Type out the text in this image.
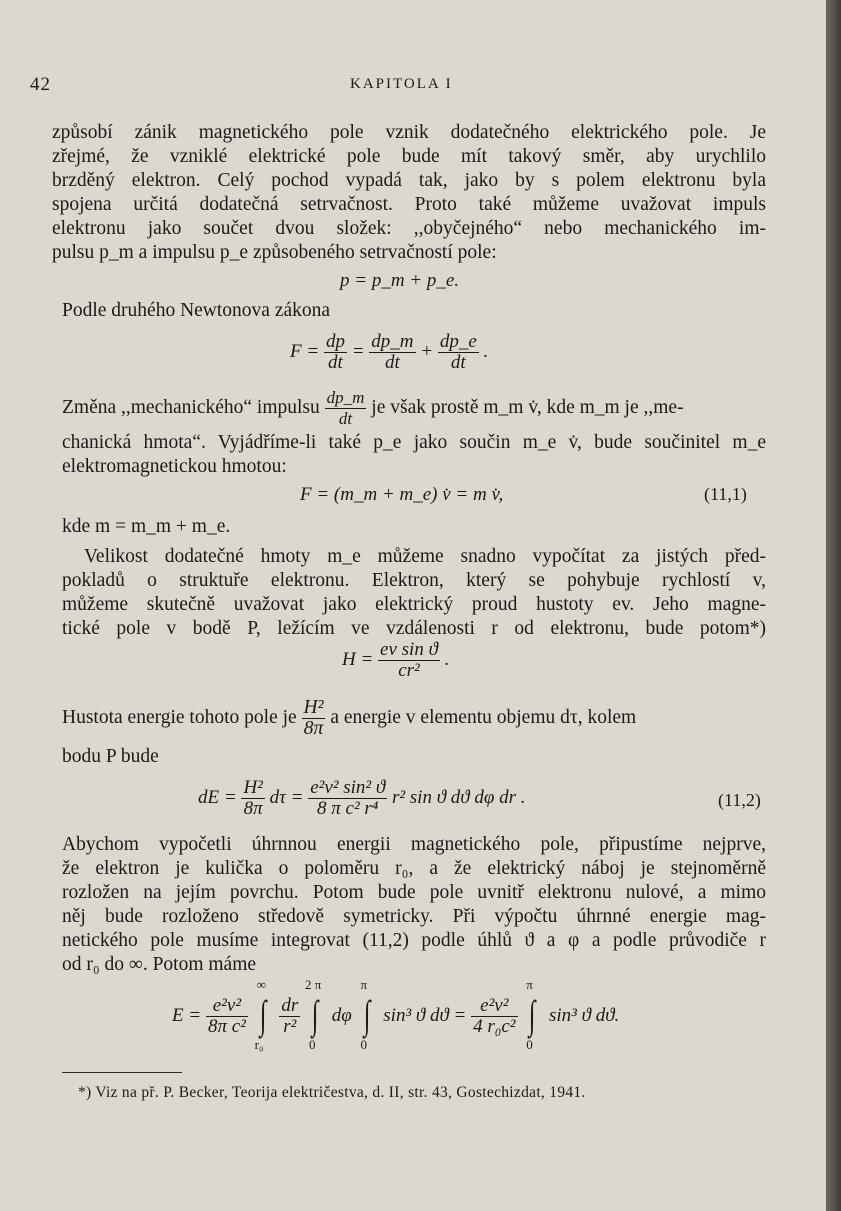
42	KAPITOLA I
způsobí zánik magnetického pole vznik dodatečného elektrického pole. Je
zřejmé, že vzniklé elektrické pole bude mít takový směr, aby urychlilo
brzděný elektron. Celý pochod vypadá tak, jako by s polem elektronu byla
spojena určitá dodatečná setrvačnost. Proto také můžeme uvažovat impuls
elektronu jako součet dvou složek: ,,obyčejného“ nebo mechanického im-
pulsu p_m a impulsu p_e způsobeného setrvačností pole:
p = p_m + p_e.
Podle druhého Newtonova zákona
$F = \frac{dp}{dt} = \frac{dp\_m}{dt} + \frac{dp\_e}{dt}$ .
Změna ,,mechanického“ impulsu $\frac{dp\_m}{dt}$ je však prostě m_m v̇, kde m_m je ,,me-
chanická hmota“. Vyjádříme-li také p_e jako součin m_e v̇, bude součinitel m_e
elektromagnetickou hmotou:
F = (m_m + m_e) v̇ = m v̇,	(11,1)
kde m = m_m + m_e.
Velikost dodatečné hmoty m_e můžeme snadno vypočítat za jistých před-
pokladů o struktuře elektronu. Elektron, který se pohybuje rychlostí v,
můžeme skutečně uvažovat jako elektrický proud hustoty ev. Jeho magne-
tické pole v bodě P, ležícím ve vzdálenosti r od elektronu, bude potom*)
$H = \frac{\text{ev sin ϑ}}{\text{cr²}}$ .
Hustota energie tohoto pole je $\frac{\text{H²}}{8\pi}$ a energie v elementu objemu dτ, kolem
bodu P bude
dE = $\frac{\text{H²}}{8\pi}$ $d\tau = \frac{\text{e²v² sin² ϑ}}{\text{8 π c² r⁴}} r^2$ sin ϑ dϑ dφ dr .	(11,2)
Abychom vypočetli úhrnnou energii magnetického pole, připustíme nejprve,
že elektron je kulička o poloměru r₀, a že elektrický náboj je stejnoměrně
rozložen na jejím povrchu. Potom bude pole uvnitř elektronu nulové, a mimo
něj bude rozloženo středově symetricky. Při výpočtu úhrnné energie mag-
netického pole musíme integrovat (11,2) podle úhlů ϑ a φ a podle průvodiče r
od r₀ do ∞. Potom máme
$E = \frac{\text{e²v²}}{\text{8π c²}}$
∫
∞
r₀

$\frac{dr}{\text{r²}}$
∫
2 π
0
dφ ∫
π
0
sin³ ϑ $dϑ = \frac{\text{e²v²}}{\text{4 r₀c²}}$
∫
π
0
sin³ ϑ dϑ.
*) Viz na př. P. Becker, Teorija električestva, d. II, str. 43, Gostechizdat, 1941.
